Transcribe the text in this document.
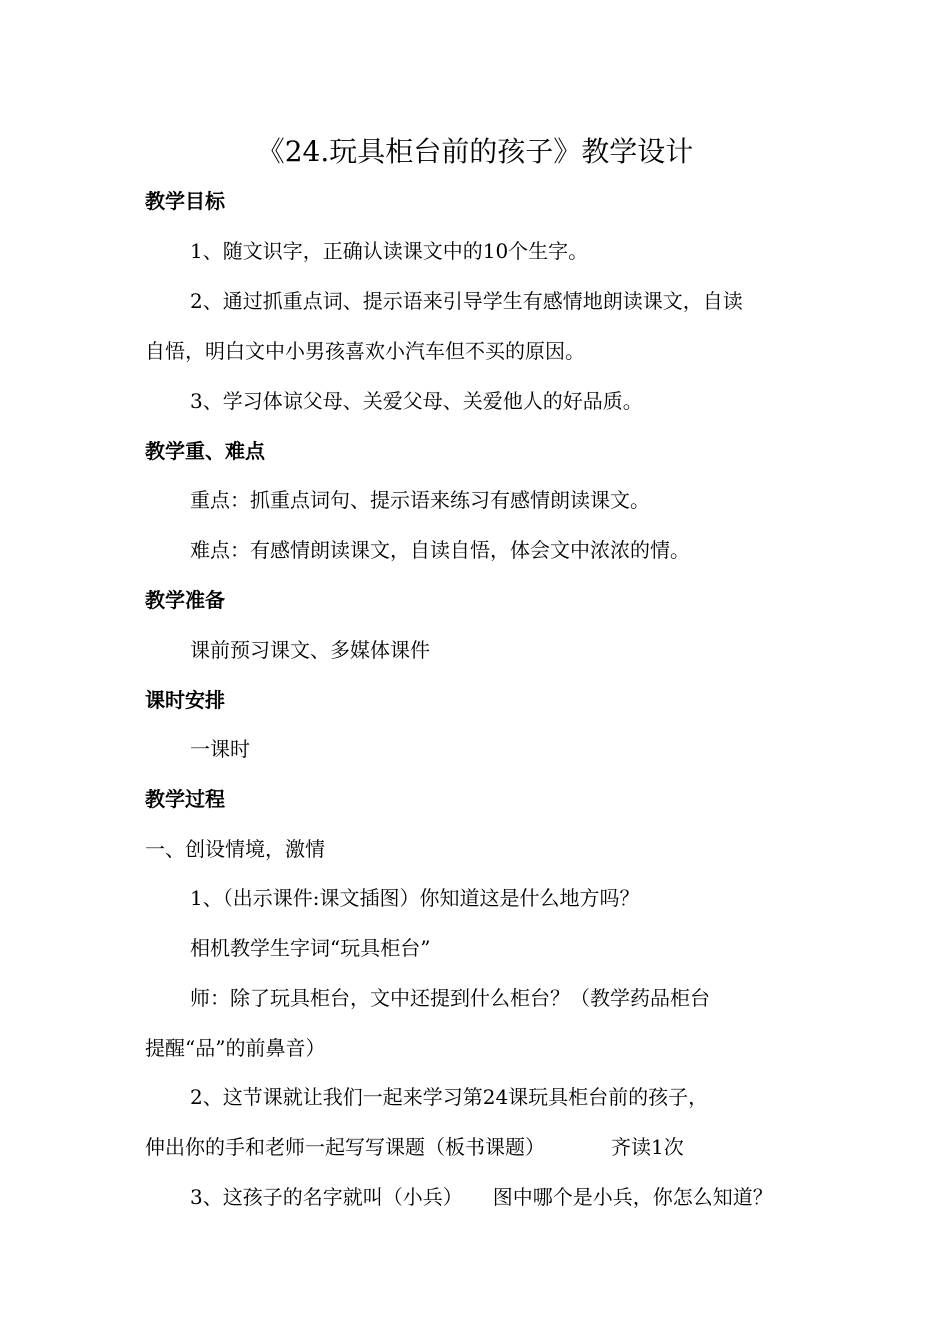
《24.玩具柜台前的孩子》教学设计
教学目标
1、随文识字，正确认读课文中的10个生字。
2、通过抓重点词、提示语来引导学生有感情地朗读课文，自读
自悟，明白文中小男孩喜欢小汽车但不买的原因。
3、学习体谅父母、关爱父母、关爱他人的好品质。
教学重、难点
重点：抓重点词句、提示语来练习有感情朗读课文。
难点：有感情朗读课文，自读自悟，体会文中浓浓的情。
教学准备
课前预习课文、多媒体课件
课时安排
一课时
教学过程
一、创设情境，激情
1、（出示课件:课文插图）你知道这是什么地方吗？
相机教学生字词“玩具柜台”
师：除了玩具柜台，文中还提到什么柜台？（教学药品柜台
提醒“品”的前鼻音）
2、这节课就让我们一起来学习第24课玩具柜台前的孩子，
伸出你的手和老师一起写写课题（板书课题）	齐读1次
3、这孩子的名字就叫（小兵） 图中哪个是小兵，你怎么知道？
